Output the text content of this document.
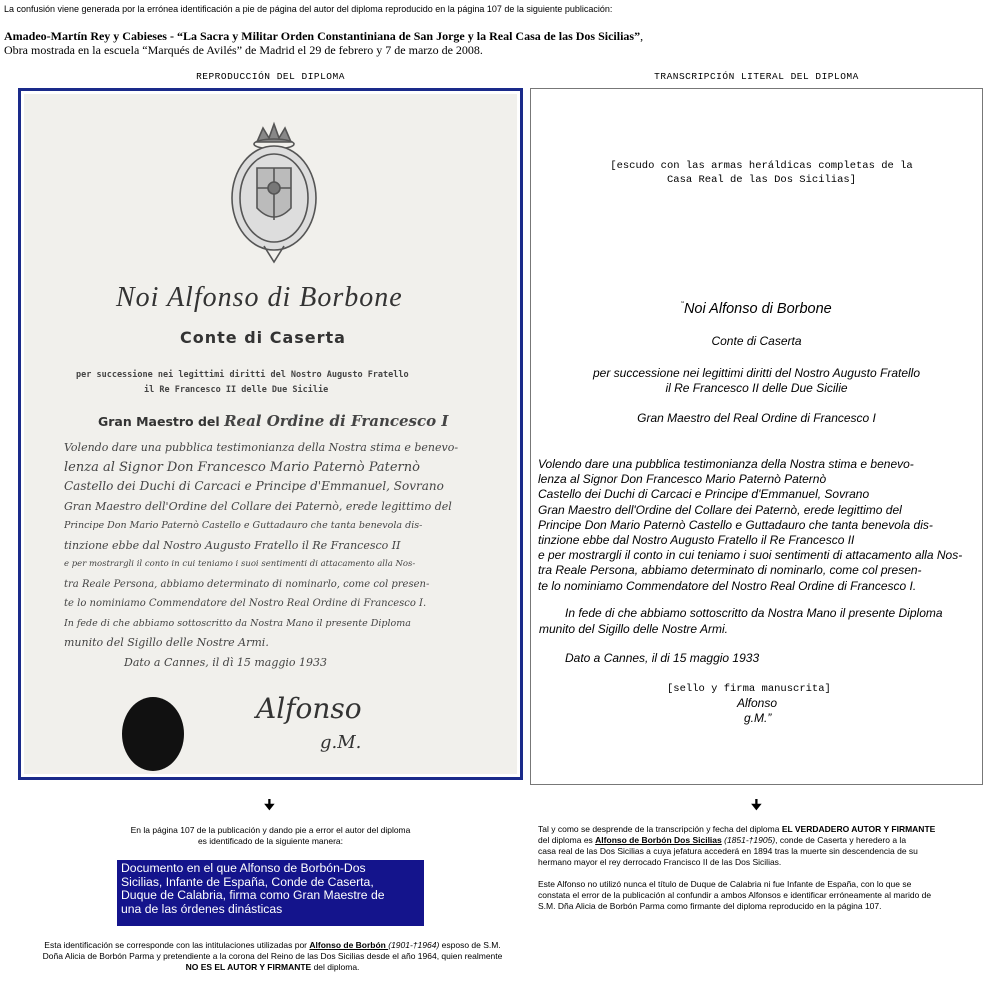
La confusión viene generada por la errónea identificación a pie de página del autor del diploma reproducido en la página 107 de la siguiente publicación:
Amadeo-Martín Rey y Cabieses - “La Sacra y Militar Orden Constantiniana de San Jorge y la Real Casa de las Dos Sicilias”,
Obra mostrada en la escuela “Marqués de Avilés” de Madrid el 29 de febrero y 7 de marzo de 2008.
REPRODUCCIÓN DEL DIPLOMA	TRANSCRIPCIÓN LITERAL DEL DIPLOMA
Noi Alfonso di Borbone
Conte di Caserta
per successione nei legittimi diritti del Nostro Augusto Fratello
il Re Francesco II delle Due Sicilie
Gran Maestro del Real Ordine di Francesco I
Volendo dare una pubblica testimonianza della Nostra stima e benevo-
lenza al Signor Don Francesco Mario Paternò Paternò
Castello dei Duchi di Carcaci e Principe d'Emmanuel, Sovrano
Gran Maestro dell'Ordine del Collare dei Paternò, erede legittimo del
Principe Don Mario Paternò Castello e Guttadauro che tanta benevola dis-
tinzione ebbe dal Nostro Augusto Fratello il Re Francesco II
e per mostrargli il conto in cui teniamo i suoi sentimenti di attacamento alla Nos-
tra Reale Persona, abbiamo determinato di nominarlo, come col presen-
te lo nominiamo Commendatore del Nostro Real Ordine di Francesco I.
In fede di che abbiamo sottoscritto da Nostra Mano il presente Diploma
munito del Sigillo delle Nostre Armi.
Dato a Cannes, il dì 15 maggio 1933
Alfonso
g.M.
[escudo con las armas heráldicas completas de la
Casa Real de las Dos Sicilias]
“Noi Alfonso di Borbone
Conte di Caserta
per successione nei legittimi diritti del Nostro Augusto Fratello
il Re Francesco II delle Due Sicilie
Gran Maestro del Real Ordine di Francesco I
Volendo dare una pubblica testimonianza della Nostra stima e benevo-
lenza al Signor Don Francesco Mario Paternò Paternò
Castello dei Duchi di Carcaci e Principe d'Emmanuel, Sovrano
Gran Maestro dell'Ordine del Collare dei Paternò, erede legittimo del
Principe Don Mario Paternò Castello e Guttadauro che tanta benevola dis-
tinzione ebbe dal Nostro Augusto Fratello il Re Francesco II
e per mostrargli il conto in cui teniamo i suoi sentimenti di attacamento alla Nos-
tra Reale Persona, abbiamo determinato di nominarlo, come col presen-
te lo nominiamo Commendatore del Nostro Real Ordine di Francesco I.
In fede di che abbiamo sottoscritto da Nostra Mano il presente Diploma
munito del Sigillo delle Nostre Armi.
Dato a Cannes, il di 15 maggio 1933
[sello y firma manuscrita]
Alfonso
g.M.”
🠋	🠋
En la página 107 de la publicación y dando pie a error el autor del diploma
es identificado de la siguiente manera:
Documento en el que Alfonso de Borbón-Dos
Sicilias, Infante de España, Conde de Caserta,
Duque de Calabria, firma como Gran Maestre de
una de las órdenes dinásticas
Esta identificación se corresponde con las intitulaciones utilizadas por Alfonso de Borbón (1901-†1964) esposo de S.M.
Doña Alicia de Borbón Parma y pretendiente a la corona del Reino de las Dos Sicilias desde el año 1964, quien realmente
NO ES EL AUTOR Y FIRMANTE del diploma.
Tal y como se desprende de la transcripción y fecha del diploma EL VERDADERO AUTOR Y FIRMANTE
del diploma es Alfonso de Borbón Dos Sicilias (1851-†1905), conde de Caserta y heredero a la
casa real de las Dos Sicilias a cuya jefatura accederá en 1894 tras la muerte sin descendencia de su
hermano mayor el rey derrocado Francisco II de las Dos Sicilias.
Este Alfonso no utilizó nunca el título de Duque de Calabria ni fue Infante de España, con lo que se
constata el error de la publicación al confundir a ambos Alfonsos e identificar erróneamente al marido de
S.M. Dña Alicia de Borbón Parma como firmante del diploma reproducido en la página 107.
